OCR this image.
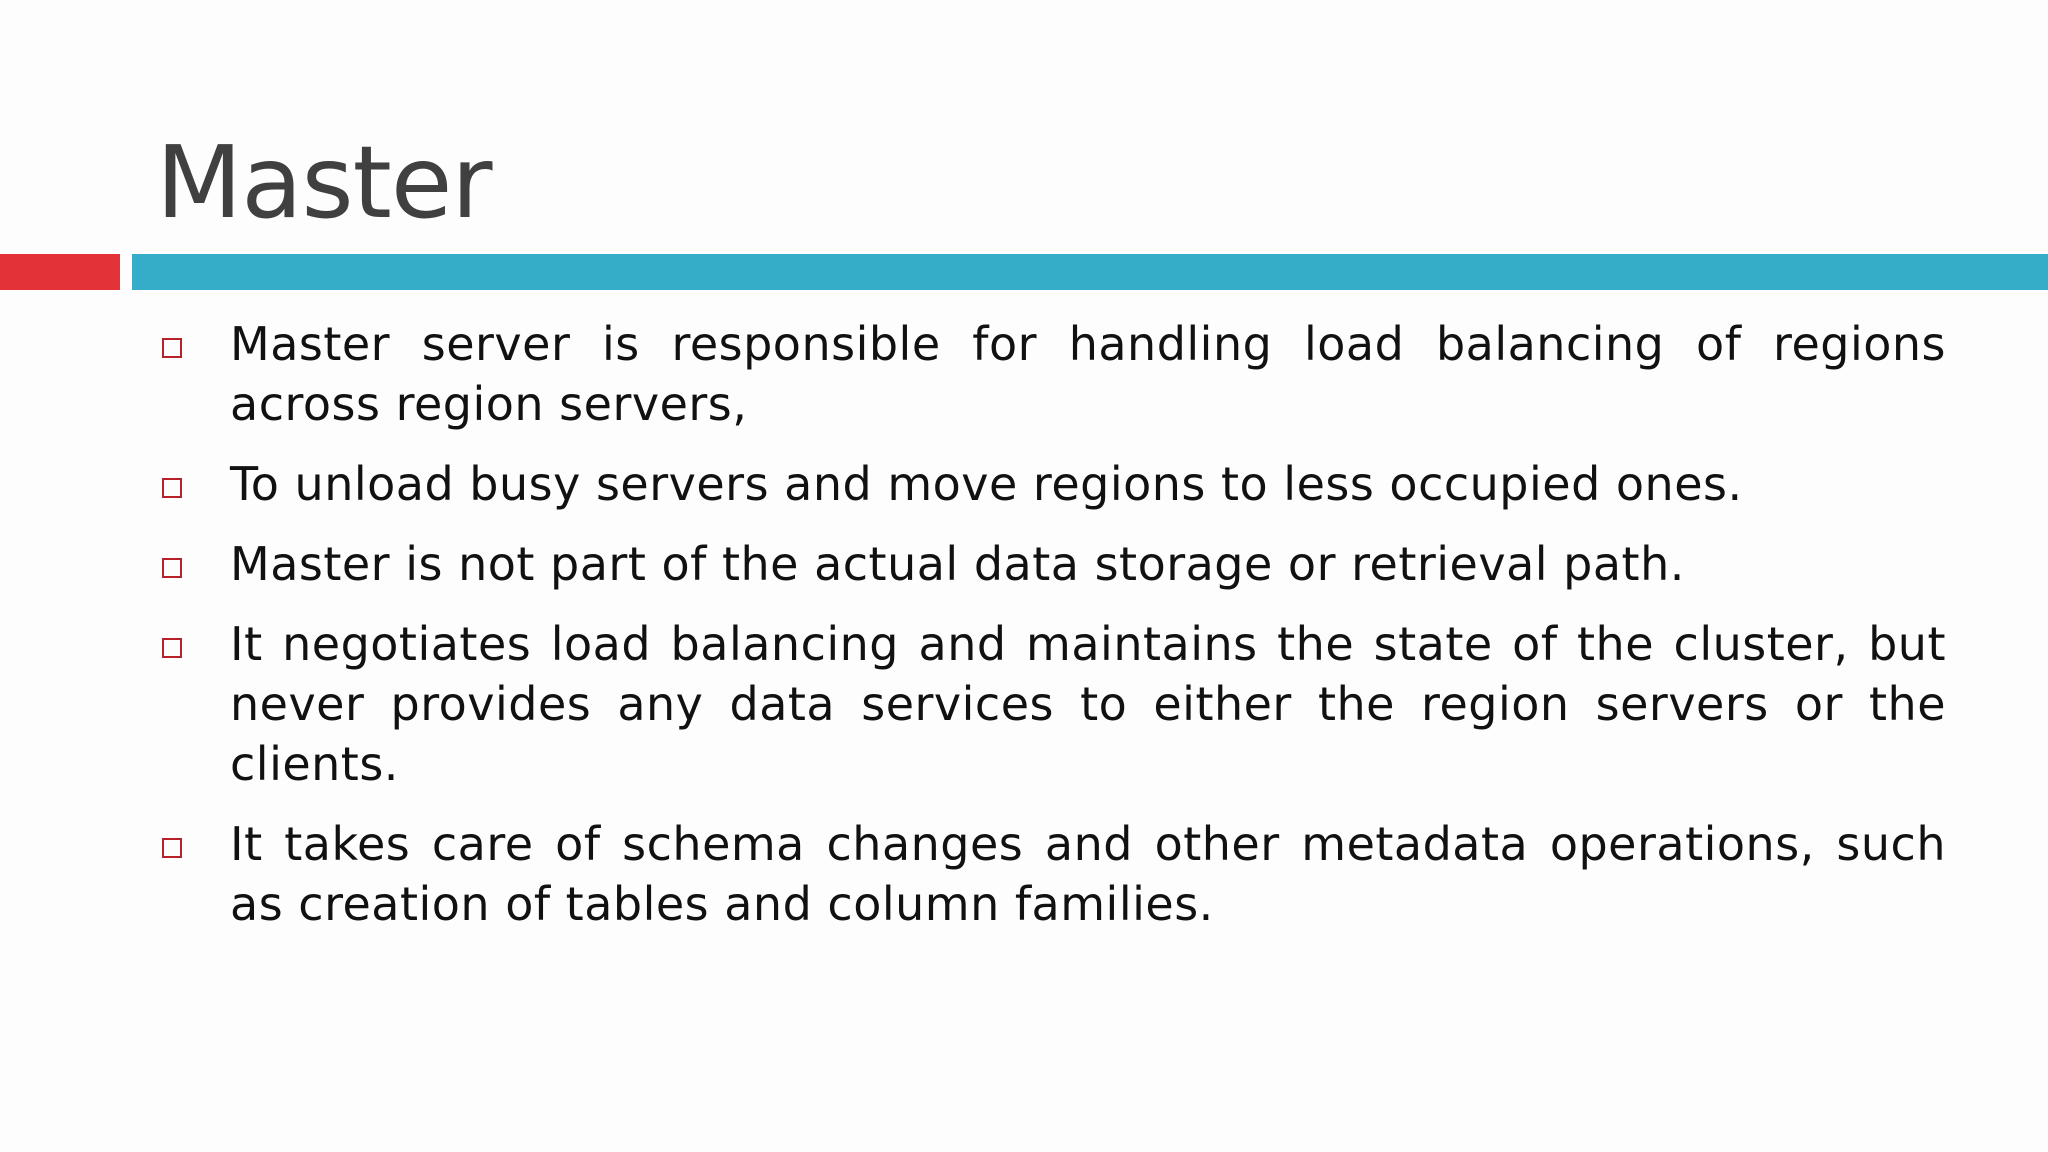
Master
Master server is responsible for handling load balancing of regions across region servers,
To unload busy servers and move regions to less occupied ones.
Master is not part of the actual data storage or retrieval path.
It negotiates load balancing and maintains the state of the cluster, but never provides any data services to either the region servers or the clients.
It takes care of schema changes and other metadata operations, such as creation of tables and column families.
